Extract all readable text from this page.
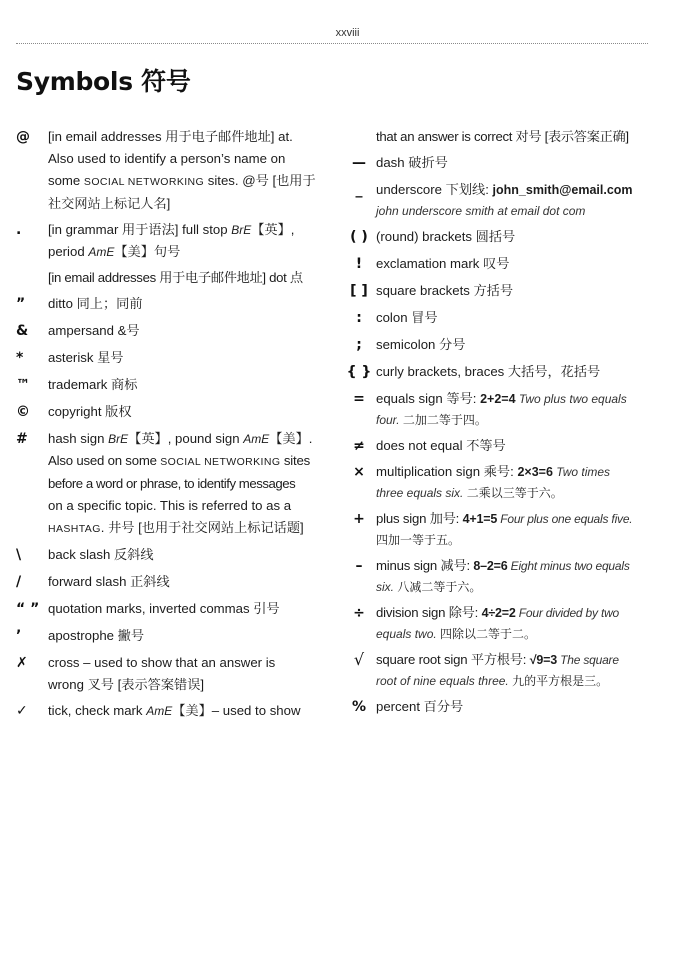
xxviii
Symbols 符号
@	[in email addresses 用于电子邮件地址] at.
Also used to identify a person’s name on
some SOCIAL NETWORKING sites. @号 [也用于
社交网站上标记人名]
.	[in grammar 用于语法] full stop BrE【英】,
period AmE【美】句号
[in email addresses 用于电子邮件地址] dot 点
”	ditto 同上；同前
&	ampersand &号
*	asterisk 星号
™	trademark 商标
©	copyright 版权
#	hash sign BrE【英】, pound sign AmE【美】.
Also used on some SOCIAL NETWORKING sites
before a word or phrase, to identify messages
on a specific topic. This is referred to as a
HASHTAG. 井号 [也用于社交网站上标记话题]
\	back slash 反斜线
/	forward slash 正斜线
“ ” quotation marks, inverted commas 引号
’	apostrophe 撇号
✗	cross – used to show that an answer is
wrong 叉号 [表示答案错误]
✓	tick, check mark AmE【美】– used to show
that an answer is correct 对号 [表示答案正确]
— dash 破折号
_	underscore 下划线: john_smith@email.com
john underscore smith at email dot com
( ) (round) brackets 圆括号
!	exclamation mark 叹号
[ ] square brackets 方括号
:	colon 冒号
;	semicolon 分号
{ } curly brackets, braces 大括号，花括号
= equals sign 等号: 2+2=4 Two plus two equals
four. 二加二等于四。
≠ does not equal 不等号
× multiplication sign 乘号: 2×3=6 Two times
three equals six. 二乘以三等于六。
+ plus sign 加号: 4+1=5 Four plus one equals five.
四加一等于五。
–	minus sign 减号: 8–2=6 Eight minus two equals
six. 八减二等于六。
÷ division sign 除号: 4÷2=2 Four divided by two
equals two. 四除以二等于二。
√ square root sign 平方根号: √9=3 The square
root of nine equals three. 九的平方根是三。
% percent 百分号
